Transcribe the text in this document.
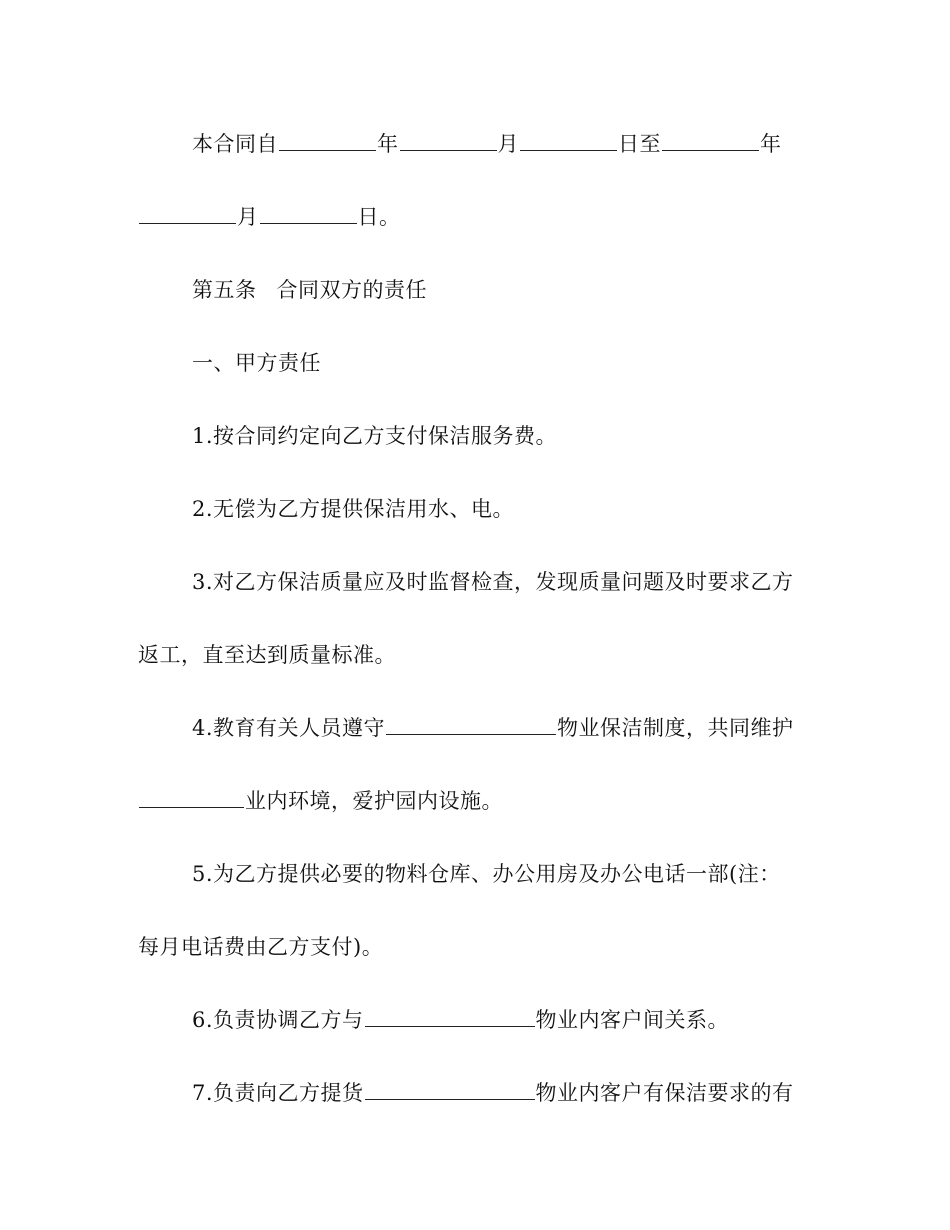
本合同自	年	月	日至	年
月	日。
第五条 合同双方的责任
一、甲方责任
1.按合同约定向乙方支付保洁服务费。
2.无偿为乙方提供保洁用水、电。
3.对乙方保洁质量应及时监督检查，发现质量问题及时要求乙方
返工，直至达到质量标准。
4.教育有关人员遵守	物业保洁制度，共同维护
业内环境，爱护园内设施。
5.为乙方提供必要的物料仓库、办公用房及办公电话一部(注：
每月电话费由乙方支付)。
6.负责协调乙方与	物业内客户间关系。
7.负责向乙方提货	物业内客户有保洁要求的有
